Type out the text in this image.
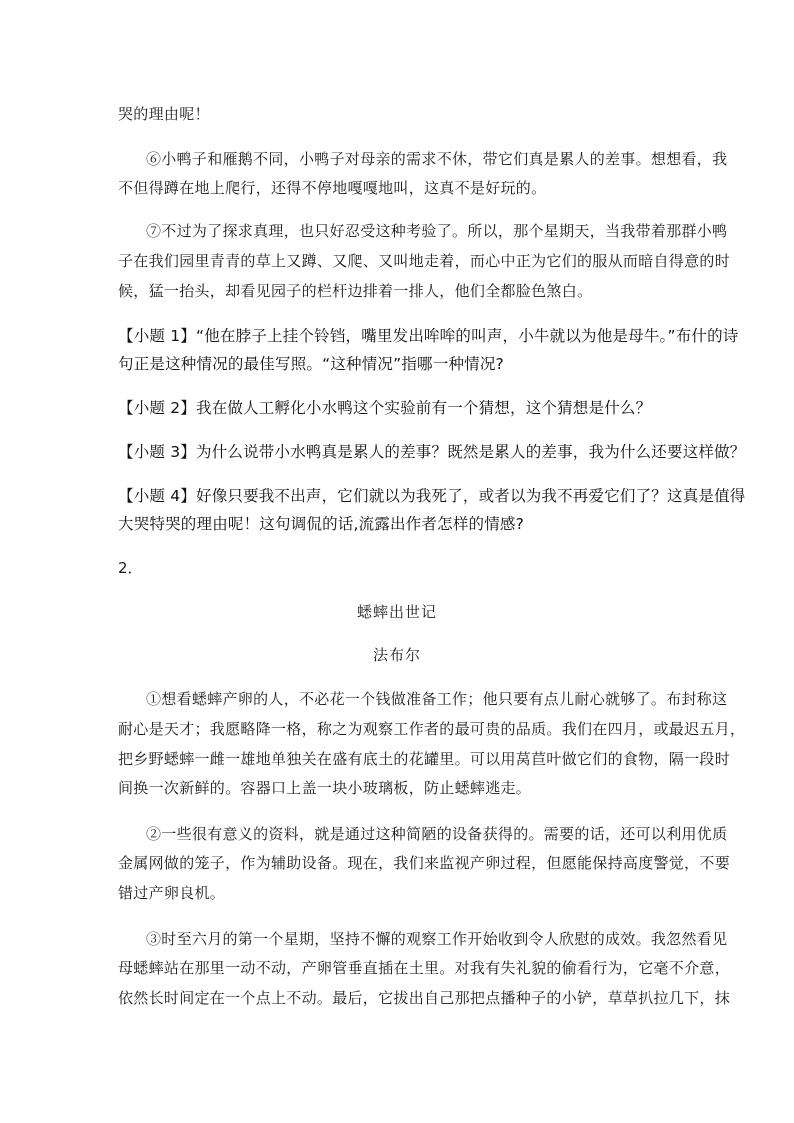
哭的理由呢！
⑥小鸭子和雁鹅不同，小鸭子对母亲的需求不休，带它们真是累人的差事。想想看，我
不但得蹲在地上爬行，还得不停地嘎嘎地叫，这真不是好玩的。
⑦不过为了探求真理，也只好忍受这种考验了。所以，那个星期天，当我带着那群小鸭
子在我们园里青青的草上又蹲、又爬、又叫地走着，而心中正为它们的服从而暗自得意的时
候，猛一抬头，却看见园子的栏杆边排着一排人，他们全都脸色煞白。
【小题 1】“他在脖子上挂个铃铛，嘴里发出哞哞的叫声，小牛就以为他是母牛。”布什的诗
句正是这种情况的最佳写照。“这种情况”指哪一种情况?
【小题 2】我在做人工孵化小水鸭这个实验前有一个猜想，这个猜想是什么？
【小题 3】为什么说带小水鸭真是累人的差事？既然是累人的差事，我为什么还要这样做？
【小题 4】好像只要我不出声，它们就以为我死了，或者以为我不再爱它们了？这真是值得
大哭特哭的理由呢！这句调侃的话,流露出作者怎样的情感?
2．
蟋蟀出世记
法布尔
①想看蟋蟀产卵的人，不必花一个钱做准备工作；他只要有点儿耐心就够了。布封称这
耐心是天才；我愿略降一格，称之为观察工作者的最可贵的品质。我们在四月，或最迟五月，
把乡野蟋蟀一雌一雄地单独关在盛有底土的花罐里。可以用莴苣叶做它们的食物，隔一段时
间换一次新鲜的。容器口上盖一块小玻璃板，防止蟋蟀逃走。
②一些很有意义的资料，就是通过这种简陋的设备获得的。需要的话，还可以利用优质
金属网做的笼子，作为辅助设备。现在，我们来监视产卵过程，但愿能保持高度警觉，不要
错过产卵良机。
③时至六月的第一个星期，坚持不懈的观察工作开始收到令人欣慰的成效。我忽然看见
母蟋蟀站在那里一动不动，产卵管垂直插在土里。对我有失礼貌的偷看行为，它毫不介意，
依然长时间定在一个点上不动。最后，它拔出自己那把点播种子的小铲，草草扒拉几下，抹
